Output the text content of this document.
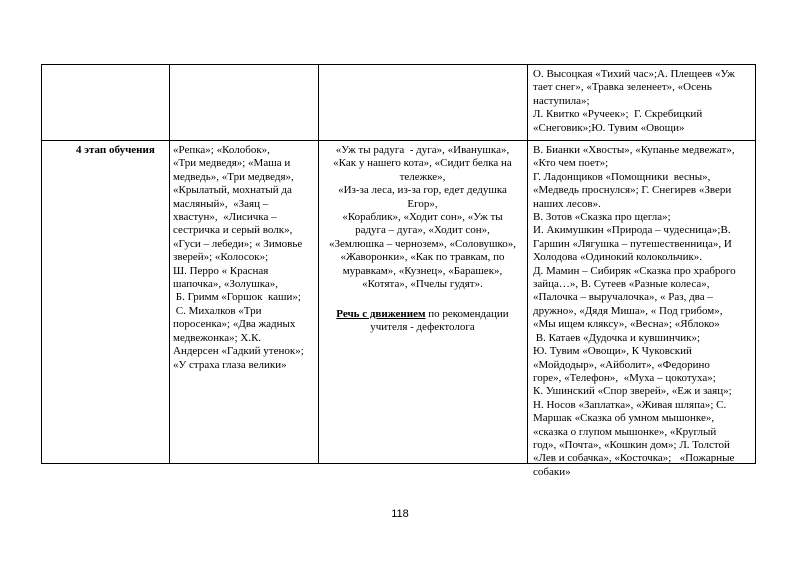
О. Высоцкая «Тихий час»;А. Плещеев «Уж
тает снег», «Травка зеленеет», «Осень
наступила»;
Л. Квитко «Ручеек»;  Г. Скребицкий
«Снеговик»;Ю. Тувим «Овощи»
4 этап обучения	«Репка»; «Колобок»,
«Три медведя»; «Маша и
медведь», «Три медведя»,
«Крылатый, мохнатый да
масляный»,  «Заяц –
хвастун»,  «Лисичка –
сестричка и серый волк»,
«Гуси – лебеди»; « Зимовье
зверей»; «Колосок»;
Ш. Перро « Красная
шапочка», «Золушка»,
Б. Гримм «Горшок  каши»;
С. Михалков «Три
поросенка»; «Два жадных
медвежонка»; Х.К.
Андерсен «Гадкий утенок»;
«У страха глаза велики»
«Уж ты радуга  - дуга», «Иванушка»,
«Как у нашего кота», «Сидит белка на
тележке»,
«Из-за леса, из-за гор, едет дедушка
Егор»,
«Кораблик», «Ходит сон», «Уж ты
радуга – дуга», «Ходит сон»,
«Землюшка – чернозем», «Соловушко»,
«Жаворонки», «Как по травкам, по
муравкам», «Кузнец», «Барашек»,
«Котята», «Пчелы гудят».
Речь с движением по рекомендации
учителя - дефектолога
В. Бианки «Хвосты», «Купанье медвежат»,
«Кто чем поет»;
Г. Ладонщиков «Помощники  весны»,
«Медведь проснулся»; Г. Снегирев «Звери
наших лесов».
В. Зотов «Сказка про щегла»;
И. Акимушкин «Природа – чудесница»;В.
Гаршин «Лягушка – путешественница», И
Холодова «Одинокий колокольчик».
Д. Мамин – Сибиряк «Сказка про храброго
зайца…», В. Сутеев «Разные колеса»,
«Палочка – выручалочка», « Раз, два –
дружно», «Дядя Миша», « Под грибом»,
«Мы ищем кляксу», «Весна»; «Яблоко»
В. Катаев «Дудочка и кувшинчик»;
Ю. Тувим «Овощи», К Чуковский
«Мойдодыр», «Айболит», «Федорино
горе», «Телефон»,  «Муха – цокотуха»;
К. Ушинский «Спор зверей», «Еж и заяц»;
Н. Носов «Заплатка», «Живая шляпа»; С.
Маршак «Сказка об умном мышонке»,
«сказка о глупом мышонке», «Круглый
год», «Почта», «Кошкин дом»; Л. Толстой
«Лев и собачка», «Косточка»;   «Пожарные
собаки»
118
